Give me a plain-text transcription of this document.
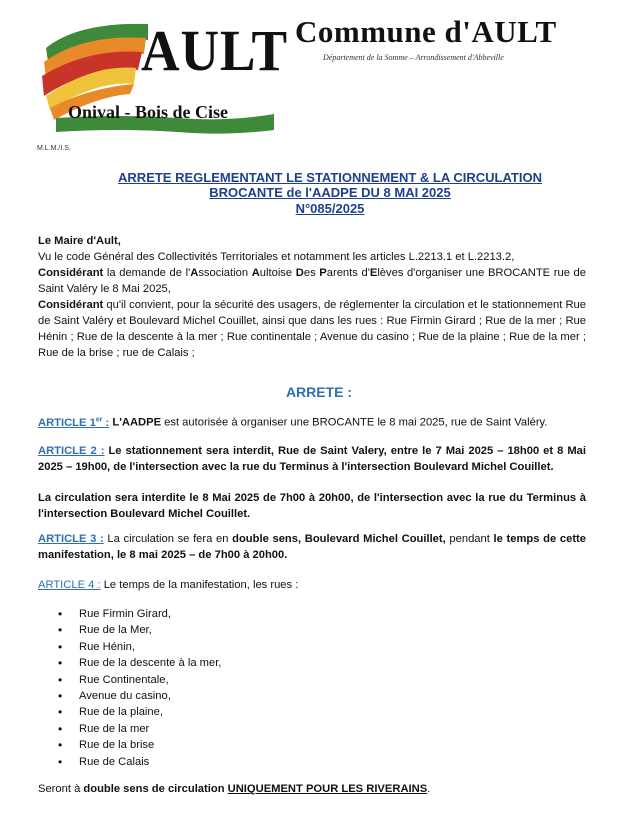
AULT
Onival - Bois de Cise
Commune d'AULT
Département de la Somme – Arrondissement d'Abbeville
M.L.M./I.S.
ARRETE REGLEMENTANT LE STATIONNEMENT & LA CIRCULATION
BROCANTE de l'AADPE DU 8 MAI 2025
N°085/2025
Le Maire d'Ault,
Vu le code Général des Collectivités Territoriales et notamment les articles L.2213.1 et L.2213.2,
Considérant la demande de l'Association Aultoise Des Parents d'Elèves d'organiser une BROCANTE rue de Saint Valéry le 8 Mai 2025,
Considérant qu'il convient, pour la sécurité des usagers, de réglementer la circulation et le stationnement Rue de Saint Valéry et Boulevard Michel Couillet, ainsi que dans les rues : Rue Firmin Girard ; Rue de la mer ; Rue Hénin ; Rue de la descente à la mer ; Rue continentale ; Avenue du casino ; Rue de la plaine ; Rue de la mer ; Rue de la brise ; rue de Calais ;
ARRETE :
ARTICLE 1er : L'AADPE est autorisée à organiser une BROCANTE le 8 mai 2025, rue de Saint Valéry.
ARTICLE 2 : Le stationnement sera interdit, Rue de Saint Valery, entre le 7 Mai 2025 – 18h00 et 8 Mai 2025 – 19h00, de l'intersection avec la rue du Terminus à l'intersection Boulevard Michel Couillet.
La circulation sera interdite le 8 Mai 2025 de 7h00 à 20h00, de l'intersection avec la rue du Terminus à l'intersection Boulevard Michel Couillet.
ARTICLE 3 : La circulation se fera en double sens, Boulevard Michel Couillet, pendant le temps de cette manifestation, le 8 mai 2025 – de 7h00 à 20h00.
ARTICLE 4 : Le temps de la manifestation, les rues :
• Rue Firmin Girard,
• Rue de la Mer,
• Rue Hénin,
• Rue de la descente à la mer,
• Rue Continentale,
• Avenue du casino,
• Rue de la plaine,
• Rue de la mer
• Rue de la brise
• Rue de Calais
Seront à double sens de circulation UNIQUEMENT POUR LES RIVERAINS.
